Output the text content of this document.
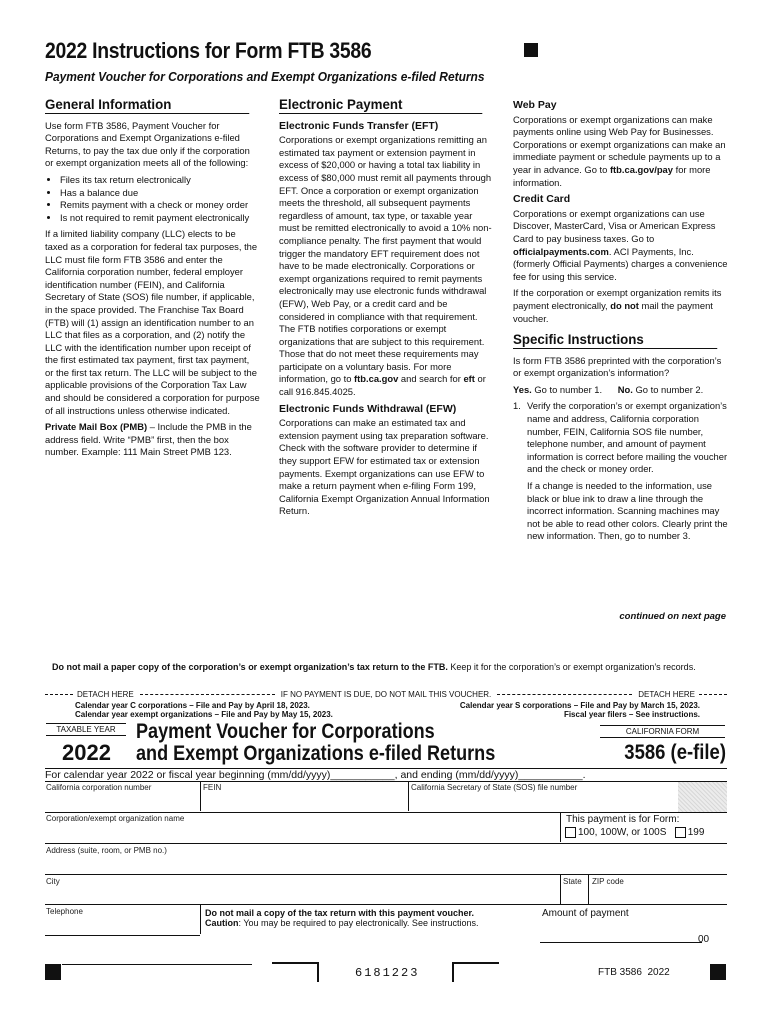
2022 Instructions for Form FTB 3586
Payment Voucher for Corporations and Exempt Organizations e-filed Returns
General Information

Use form FTB 3586, Payment Voucher for Corporations and Exempt Organizations e-filed Returns, to pay the tax due only if the corporation or exempt organization meets all of the following:

• Files its tax return electronically
• Has a balance due
• Remits payment with a check or money order
• Is not required to remit payment electronically

If a limited liability company (LLC) elects to be taxed as a corporation for federal tax purposes, the LLC must file form FTB 3586 and enter the California corporation number, federal employer identification number (FEIN), and California Secretary of State (SOS) file number, if applicable, in the space provided. The Franchise Tax Board (FTB) will (1) assign an identification number to an LLC that files as a corporation, and (2) notify the LLC with the identification number upon receipt of the first estimated tax payment, first tax payment, or the first tax return. The LLC will be subject to the applicable provisions of the Corporation Tax Law and should be considered a corporation for purpose of all instructions unless otherwise indicated.

Private Mail Box (PMB) – Include the PMB in the address field. Write “PMB” first, then the box number. Example: 111 Main Street PMB 123.

Electronic Payment
Electronic Funds Transfer (EFT)

Corporations or exempt organizations remitting an estimated tax payment or extension payment in excess of $20,000 or having a total tax liability in excess of $80,000 must remit all payments through EFT. Once a corporation or exempt organization meets the threshold, all subsequent payments regardless of amount, tax type, or taxable year must be remitted electronically to avoid a 10% non-compliance penalty. The first payment that would trigger the mandatory EFT requirement does not have to be made electronically. Corporations or exempt organizations required to remit payments electronically may use electronic funds withdrawal (EFW), Web Pay, or a credit card and be considered in compliance with that requirement. The FTB notifies corporations or exempt organizations that are subject to this requirement. Those that do not meet these requirements may participate on a voluntary basis. For more information, go to ftb.ca.gov and search for eft or call 916.845.4025.

Electronic Funds Withdrawal (EFW)

Corporations can make an estimated tax and extension payment using tax preparation software. Check with the software provider to determine if they support EFW for estimated tax or extension payments. Exempt organizations can use EFW to make a return payment when e-filing Form 199, California Exempt Organization Annual Information Return.

Web Pay

Corporations or exempt organizations can make payments online using Web Pay for Businesses. Corporations or exempt organizations can make an immediate payment or schedule payments up to a year in advance. Go to ftb.ca.gov/pay for more information.

Credit Card

Corporations or exempt organizations can use Discover, MasterCard, Visa or American Express Card to pay business taxes. Go to officialpayments.com. ACI Payments, Inc. (formerly Official Payments) charges a convenience fee for using this service.

If the corporation or exempt organization remits its payment electronically, do not mail the payment voucher.

Specific Instructions

Is form FTB 3586 preprinted with the corporation’s or exempt organization’s information?

Yes. Go to number 1. No. Go to number 2.

1. Verify the corporation’s or exempt organization’s name and address, California corporation number, FEIN, California SOS file number, telephone number, and amount of payment information is correct before mailing the voucher and the check or money order.

If a change is needed to the information, use black or blue ink to draw a line through the incorrect information. Scanning machines may not be able to read other colors. Clearly print the new information. Then, go to number 3.

continued on next page
Do not mail a paper copy of the corporation’s or exempt organization’s tax return to the FTB. Keep it for the corporation’s or exempt organization’s records.
DETACH HERE	IF NO PAYMENT IS DUE, DO NOT MAIL THIS VOUCHER.	DETACH HERE
Calendar year C corporations – File and Pay by April 18, 2023.
Calendar year exempt organizations – File and Pay by May 15, 2023.
Calendar year S corporations – File and Pay by March 15, 2023.
Fiscal year filers – See instructions.
TAXABLE YEAR
2022
Payment Voucher for Corporations
and Exempt Organizations e-filed Returns
CALIFORNIA FORM
3586 (e-file)
For calendar year 2022 or fiscal year beginning (mm/dd/yyyy)___________, and ending (mm/dd/yyyy)___________.
California corporation number	FEIN	California Secretary of State (SOS) file number
Corporation/exempt organization name	This payment is for Form:
100, 100W, or 100S 199
Address (suite, room, or PMB no.)
City	State ZIP code
Telephone	Do not mail a copy of the tax return with this payment voucher.
Caution: You may be required to pay electronically. See instructions.
Amount of payment
00
6181223	FTB 3586  2022
